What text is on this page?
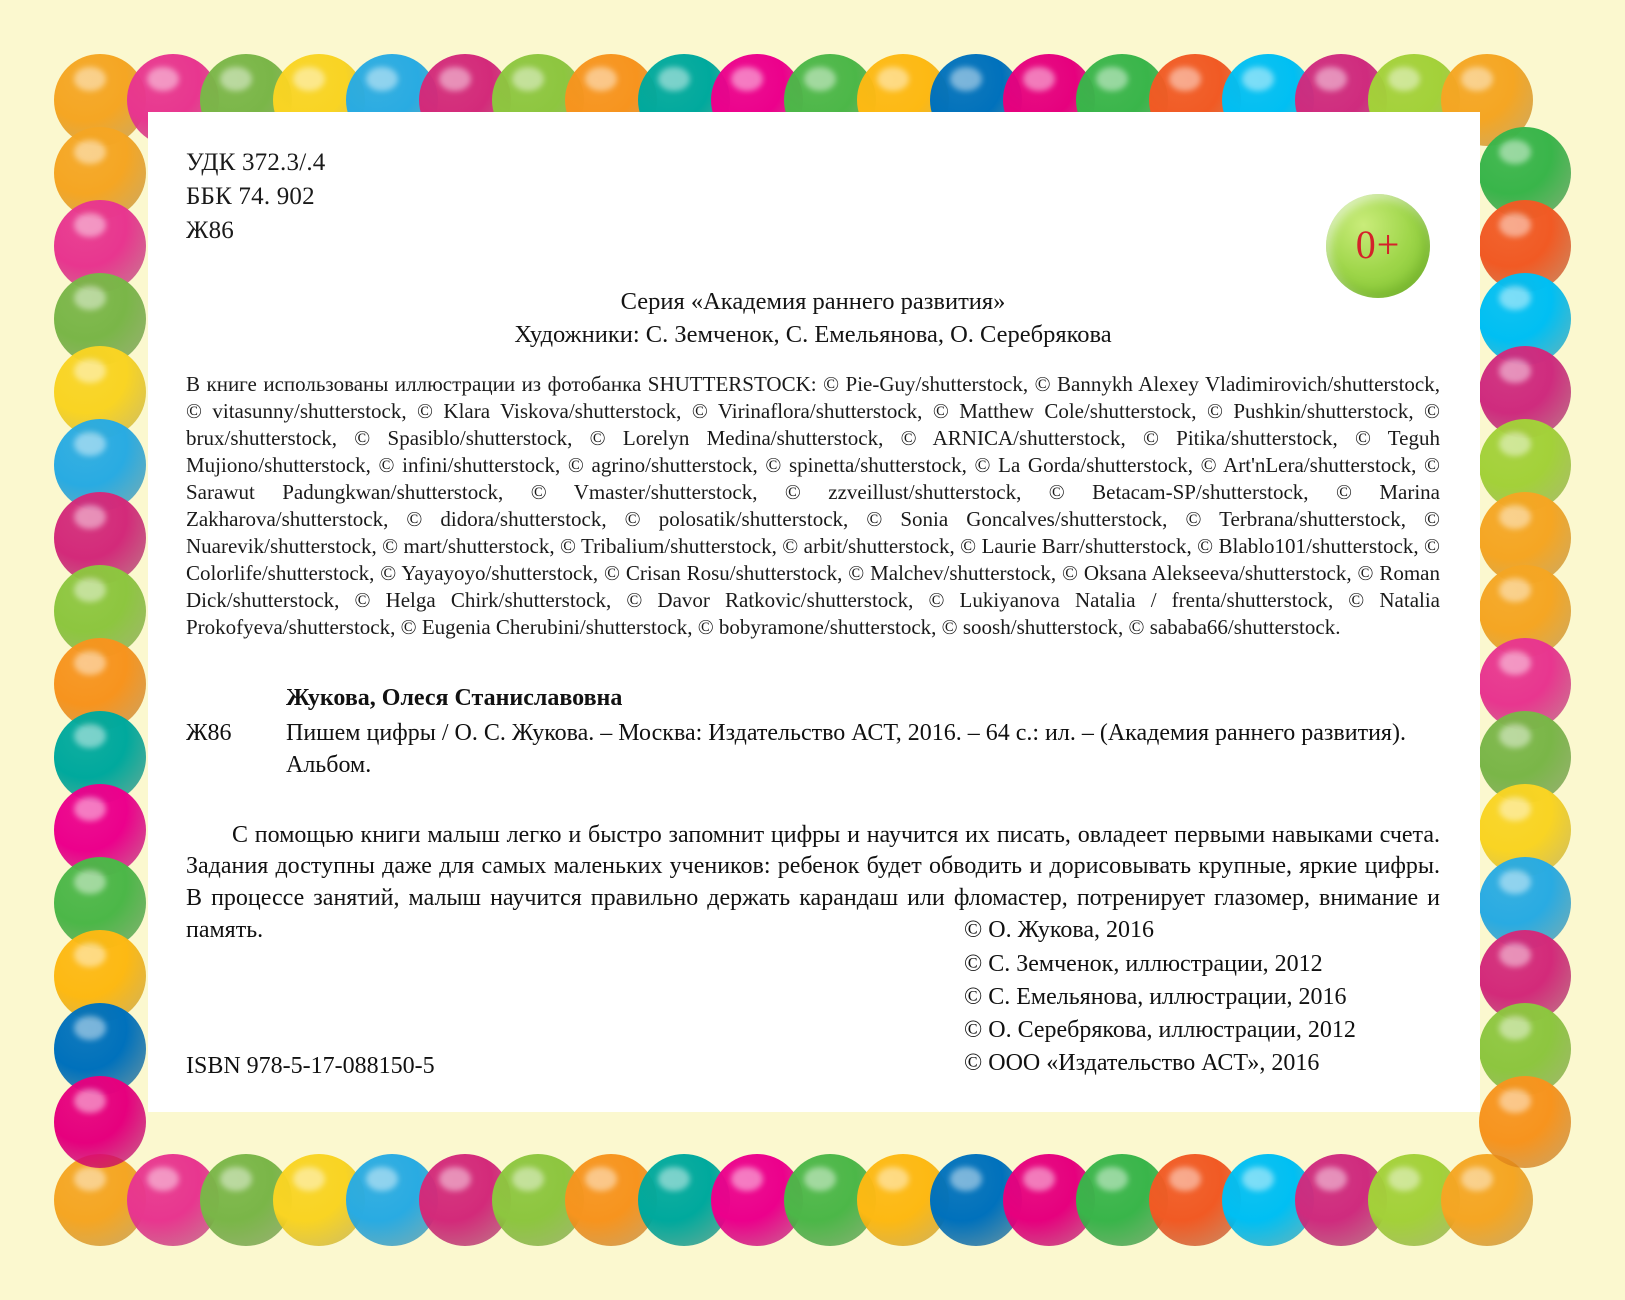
УДК 372.3/.4
ББК 74. 902
Ж86	0+
Серия «Академия раннего развития»
Художники: С. Земченок, С. Емельянова, О. Серебрякова
В книге использованы иллюстрации из фотобанка SHUTTERSTOCK: © Pie-Guy/shutterstock, © Bannykh Alexey Vladimirovich/shutterstock, © vitasunny/shutterstock, © Klara Viskova/shutterstock, © Virinaflora/shutterstock, © Matthew Cole/shutterstock, © Pushkin/shutterstock, © brux/shutterstock, © Spasiblo/shutterstock, © Lorelyn Medina/shutterstock, © ARNICA/shutterstock, © Pitika/shutterstock, © Teguh Mujiono/shutterstock, © infini/shutterstock, © agrino/shutterstock, © spinetta/shutterstock, © La Gorda/shutterstock, © Art'nLera/shutterstock, © Sarawut Padungkwan/shutterstock, © Vmaster/shutterstock, © zzveillust/shutterstock, © Betacam-SP/shutterstock, © Marina Zakharova/shutterstock, © didora/shutterstock, © polosatik/shutterstock, © Sonia Goncalves/shutterstock, © Terbrana/shutterstock, © Nuarevik/shutterstock, © mart/shutterstock, © Tribalium/shutterstock, © arbit/shutterstock, © Laurie Barr/shutterstock, © Blablo101/shutterstock, © Colorlife/shutterstock, © Yayayoyo/shutterstock, © Crisan Rosu/shutterstock, © Malchev/shutterstock, © Oksana Alekseeva/shutterstock, © Roman Dick/shutterstock, © Helga Chirk/shutterstock, © Davor Ratkovic/shutterstock, © Lukiyanova Natalia / frenta/shutterstock, © Natalia Prokofyeva/shutterstock, © Eugenia Cherubini/shutterstock, © bobyramone/shutterstock, © soosh/shutterstock, © sababa66/shutterstock.
Жукова, Олеся Станиславовна
Ж86 Пишем цифры / О. С. Жукова. – Москва: Издательство АСТ, 2016. – 64 с.: ил. – (Академия раннего развития). Альбом.
С помощью книги малыш легко и быстро запомнит цифры и научится их писать, овладеет первыми навыками счета. Задания доступны даже для самых маленьких учеников: ребенок будет обводить и дорисовывать крупные, яркие цифры. В процессе занятий, малыш научится правильно держать карандаш или фломастер, потренирует глазомер, внимание и память.
ISBN 978-5-17-088150-5
© О. Жукова, 2016
© С. Земченок, иллюстрации, 2012
© С. Емельянова, иллюстрации, 2016
© О. Серебрякова, иллюстрации, 2012
© ООО «Издательство АСТ», 2016
